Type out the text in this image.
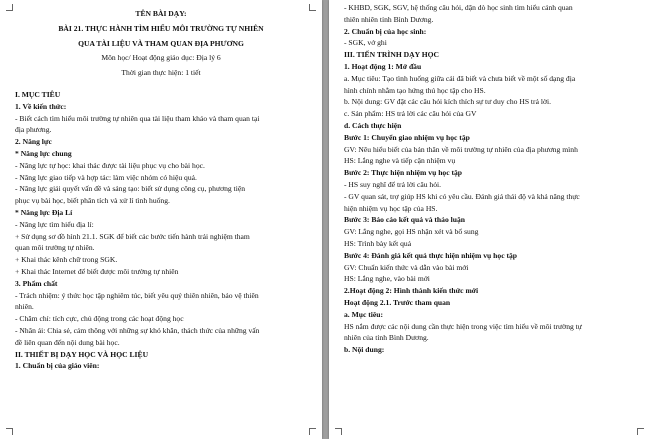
TÊN BÀI DẠY:
BÀI 21. THỰC HÀNH TÌM HIỂU MÔI TRƯỜNG TỰ NHIÊN
QUA TÀI LIỆU VÀ THAM QUAN ĐỊA PHƯƠNG
Môn học/ Hoạt động giáo dục: Địa lý 6
Thời gian thực hiện: 1 tiết
I. MỤC TIÊU
1. Về kiến thức:
- Biết cách tìm hiểu môi trường tự nhiên qua tài liệu tham khảo và tham quan tại
địa phương.
2. Năng lực
* Năng lực chung
- Năng lực tự học: khai thác được tài liệu phục vụ cho bài học.
- Năng lực giao tiếp và hợp tác: làm việc nhóm có hiệu quả.
- Năng lực giải quyết vấn đề và sáng tạo: biết sử dụng công cụ, phương tiện
phục vụ bài học, biết phân tích và xử lí tình huống.
* Năng lực Địa Lí
- Năng lực tìm hiểu địa lí:
+ Sử dụng sơ đồ hình 21.1. SGK để biết các bước tiến hành trải nghiệm tham
quan môi trường tự nhiên.
+ Khai thác kênh chữ trong SGK.
+ Khai thác Internet để biết được môi trường tự nhiên
3. Phẩm chất
- Trách nhiệm: ý thức học tập nghiêm túc, biết yêu quý thiên nhiên, bảo vệ thiên
nhiên.
- Chăm chỉ: tích cực, chủ động trong các hoạt động học
- Nhân ái: Chia sẻ, cảm thông với những sự khó khăn, thách thức của những vấn
đề liên quan đến nội dung bài học.
II. THIẾT BỊ DẠY HỌC VÀ HỌC LIỆU
1. Chuẩn bị của giáo viên:
- KHBD, SGK, SGV, hệ thống câu hỏi, dặn dò học sinh tìm hiểu cảnh quan
thiên nhiên tỉnh Bình Dương.
2. Chuẩn bị của học sinh:
- SGK, vở ghi
III. TIẾN TRÌNH DẠY HỌC
1. Hoạt động 1: Mở đầu
a. Mục tiêu: Tạo tình huống giữa cái đã biết và chưa biết về một số dạng địa
hình chính nhằm tạo hứng thú học tập cho HS.
b. Nội dung: GV đặt các câu hỏi kích thích sự tư duy cho HS trả lời.
c. Sản phẩm: HS trả lời các câu hỏi của GV
d. Cách thực hiện
Bước 1: Chuyển giao nhiệm vụ học tập
GV: Nêu hiểu biết của bản thân về môi trường tự nhiên của địa phương mình
HS: Lắng nghe và tiếp cận nhiệm vụ
Bước 2: Thực hiện nhiệm vụ học tập
- HS suy nghĩ để trả lời câu hỏi.
- GV quan sát, trợ giúp HS khi có yêu cầu. Đánh giá thái độ và khả năng thực
hiện nhiệm vụ học tập của HS.
Bước 3: Báo cáo kết quả và thảo luận
GV: Lắng nghe, gọi HS nhận xét và bổ sung
HS: Trình bày kết quả
Bước 4: Đánh giá kết quả thực hiện nhiệm vụ học tập
GV: Chuẩn kiến thức và dẫn vào bài mới
HS: Lắng nghe, vào bài mới
2.Hoạt động 2: Hình thành kiến thức mới
Hoạt động 2.1. Trước tham quan
a. Mục tiêu:
HS nắm được các nội dung cần thực hiện trong việc tìm hiểu về môi trường tự
nhiên của tỉnh Bình Dương.
b. Nội dung:
